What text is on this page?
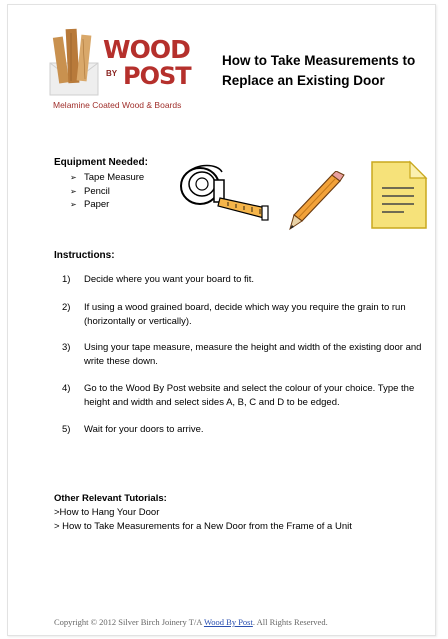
WOOD
BY POST
Melamine Coated Wood & Boards
How to Take Measurements to
Replace an Existing Door
Equipment Needed:
➢ Tape Measure
➢ Pencil
➢ Paper
Instructions:
1)	Decide where you want your board to fit.
2)	If using a wood grained board, decide which way you require the grain to run (horizontally or vertically).
3)	Using your tape measure, measure the height and width of the existing door and write these down.
4)	Go to the Wood By Post website and select the colour of your choice. Type the height and width and select sides A, B, C and D to be edged.
5)	Wait for your doors to arrive.
Other Relevant Tutorials:
>How to Hang Your Door
> How to Take Measurements for a New Door from the Frame of a Unit
Copyright © 2012 Silver Birch Joinery T/A Wood By Post. All Rights Reserved.
